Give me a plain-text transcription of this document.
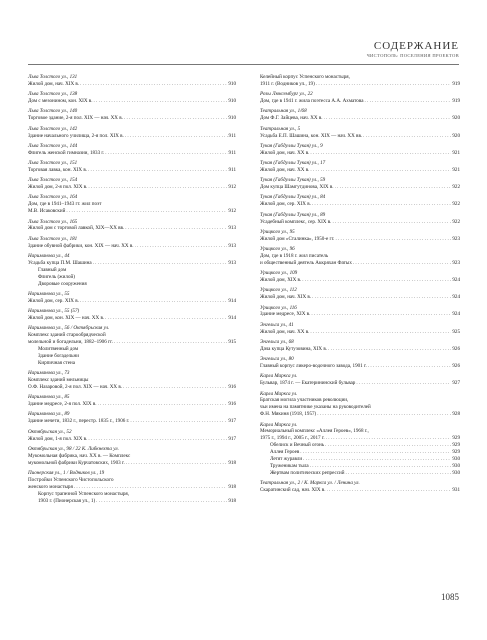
СОДЕРЖАНИЕ
ЧИСТОПОЛЬ: ПОСЕЛЕНИЯ ПРОЕКТОВ
Льва Толстого ул., 131
Жилой дом, нач. XIX в. . . .	910
Льва Толстого ул., 138
Дом с мезонином, кон. XIX в. . . .	910
Льва Толстого ул., 140
Торговое здание, 2-я пол. XIX — нач. XX в. . . .	910
Льва Толстого ул., 142
Здание начального училища, 2-я пол. XIX в. . . .	911
Льва Толстого ул., 144
Флигель женской гимназии, 1833 г. . . .	911
Льва Толстого ул., 151
Торговая лавка, кон. XIX в. . . .	911
Льва Толстого ул., 154
Жилой дом, 2-я пол. XIX в. . . .	912
Льва Толстого ул., 164
Дом, где в 1941–1943 гг. жил поэт
М.В. Исаковский . . .	912
Льва Толстого ул., 165
Жилой дом с торговой лавкой, XIX—XX вв. . . .	913
Льва Толстого ул., 181
Здание обувной фабрики, кон. XIX — нач. XX в. . . .	913
Нариманова ул., 44
Усадьба купца П.М. Шашина . . .	913
Главный дом
Флигель (жилой)
Дворовые сооружения
Нариманова ул., 55
Жилой дом, сер. XIX в. . . .	914
Нариманова ул., 55 (57)
Жилой дом, кон. XIX — нач. XX в. . . .	914
Нариманова ул., 56 / Октябрьская ул.
Комплекс зданий старообрядческой
молельной и богадельни, 1882–1906 гг. . . .	915
Молитвенный дом
Здание богадельни
Кирпичная стена
Нариманова ул., 73
Комплекс зданий мельницы
О.Ф. Назаровой, 2-я пол. XIX — нач. XX в. . . .	916
Нариманова ул., 85
Здание медресе, 2-я пол. XIX в. . . .	916
Нариманова ул., 89
Здание мечети, 1832 г., перестр. 1835 г., 1906 г. . . .	917
Октябрьская ул., 52
Жилой дом, 1-я пол. XIX в. . . .	917
Октябрьская ул., 98 / 22 К. Либкнехта ул.
Мукомольная фабрика, нач. XX в. — Комплекс
мукомольной фабрики Курчатовских, 1903 г. . . .	918
Пионерская ул., 1 / Водников ул., 19
Постройки Успенского Чистопольского
женского монастыря . . .	918
Корпус трапезной Успенского монастыря,
1903 г. (Пионерская ул., 1) . . .	918
Келейный корпус Успенского монастыря,
1911 г. (Водников ул., 19) . . .	919
Розы Люксембург ул., 22
Дом, где в 1941 г. жила поэтесса А.А. Ахматова . . .	919
Театральная ул., 1/68
Дом Ф.Г. Зайцева, нач. XX в. . . .	920
Театральная ул., 5
Усадьба Е.П. Шашина, кон. XIX — нач. XX вв. . . .	920
Тукая (Габдуллы Тукая) ул., 9
Жилой дом, нач. XX в. . . .	921
Тукая (Габдуллы Тукая) ул., 17
Жилой дом, нач. XX в. . . .	921
Тукая (Габдуллы Тукая) ул., 59
Дом купца Шамгутдинова, XIX в. . . .	922
Тукая (Габдуллы Тукая) ул., 84
Жилой дом, сер. XIX в. . . .	922
Тукая (Габдуллы Тукая) ул., 89
Усадебный комплекс, сер. XIX в. . . .	922
Урицкого ул., 95
Жилой дом «Сталинка», 1950-е гг. . . .	923
Урицкого ул., 96
Дом, где в 1918 г. жил писатель
и общественный деятель Аккряхан Фатых . . .	923
Урицкого ул., 109
Жилой дом, XIX в. . . .	924
Урицкого ул., 112
Жилой дом, нач. XIX в. . . .	924
Урицкого ул., 116
Здание медресе, XIX в. . . .	924
Энгельса ул., 41
Жилой дом, нач. XX в. . . .	925
Энгельса ул., 68
Дача купца Кутузовина, XIX в. . . .	926
Энгельса ул., 80
Главный корпус ликеро-водочного завода, 1901 г. . . .	926
Карла Маркса ул.
Бульвар, 1874 г. — Екатерининский бульвар . . .	927
Карла Маркса ул.
Братская могила участников революции,
чьи имена на памятнике указаны на руководителей
Ф.Н. Мякиня (1918, 1957) . . .	928
Карла Маркса ул.
Мемориальный комплекс «Аллея Героев», 1968 г.,
1975 г., 1994 г., 2005 г., 2017 г. . . .	929
Обелиск и Вечный огонь . . .	929
Аллея Героев . . .	929
Летят журавли . . .	930
Труженикам тыла . . .	930
Жертвам политических репрессий . . .	930
Театральная ул., 2 / К. Маркса ул. / Ленина ул.
Скаратинский сад, нач. XIX в. . . .	931
1085
